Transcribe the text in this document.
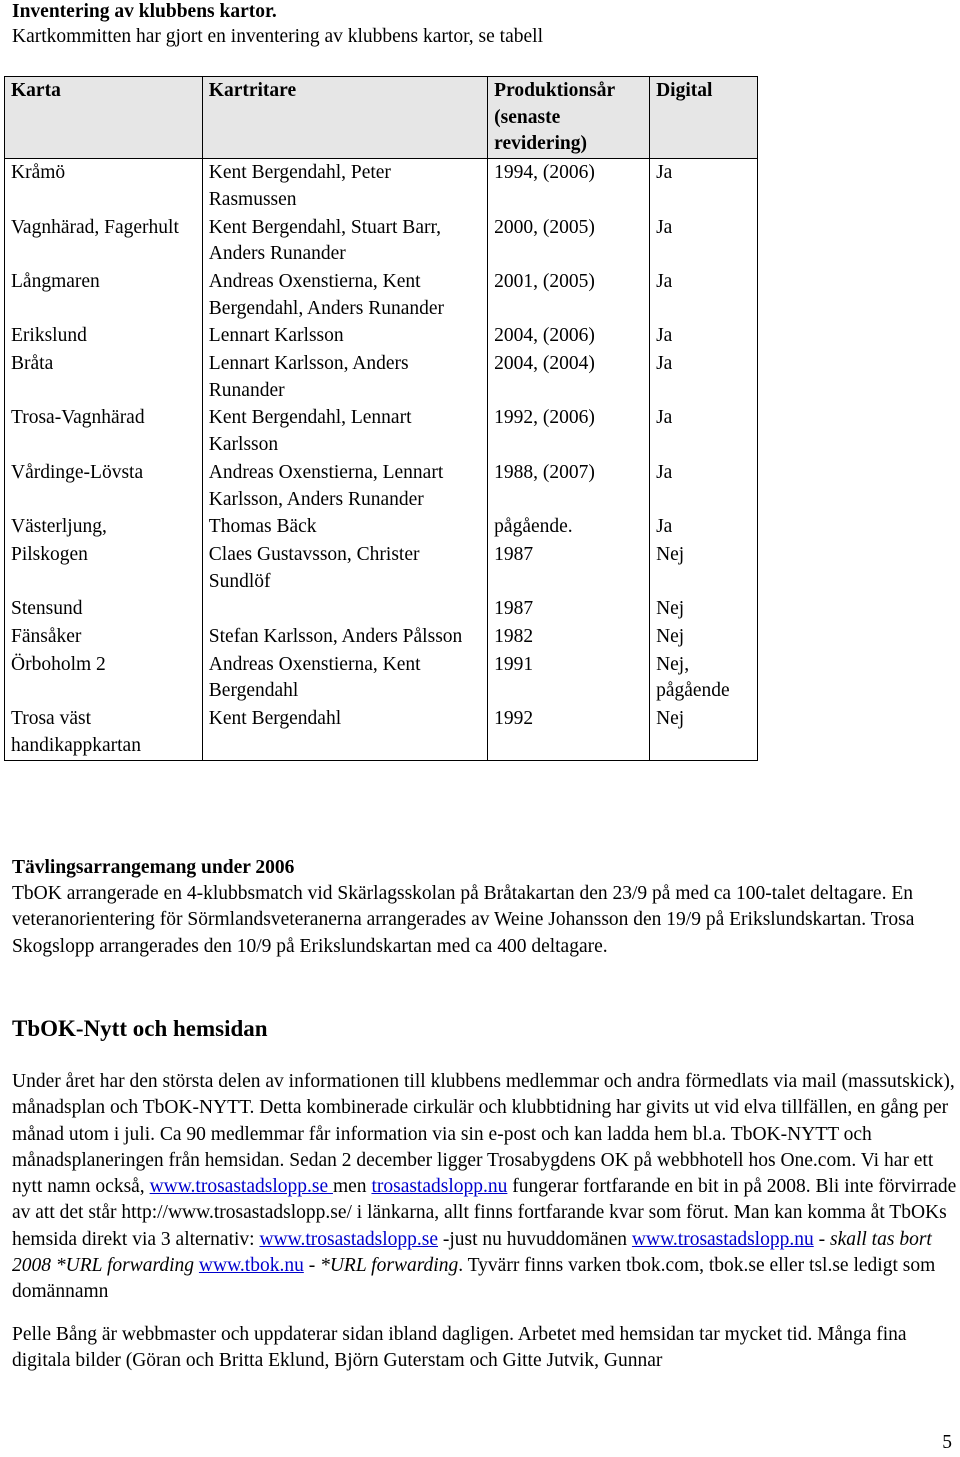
Inventering av klubbens kartor.

Kartkommitten har gjort en inventering av klubbens kartor, se tabell

Karta	Kartritare	Produktionsår (senaste revidering)	Digital
Kråmö	Kent Bergendahl, Peter Rasmussen	1994, (2006)	Ja
Vagnhärad, Fagerhult	Kent Bergendahl, Stuart Barr, Anders Runander	2000, (2005)	Ja
Långmaren	Andreas Oxenstierna, Kent Bergendahl, Anders Runander	2001, (2005)	Ja
Erikslund	Lennart Karlsson	2004, (2006)	Ja
Bråta	Lennart Karlsson, Anders Runander	2004, (2004)	Ja
Trosa-Vagnhärad	Kent Bergendahl, Lennart Karlsson	1992, (2006)	Ja
Vårdinge-Lövsta	Andreas Oxenstierna, Lennart Karlsson, Anders Runander	1988, (2007)	Ja
Västerljung,	Thomas Bäck	pågående.	Ja
Pilskogen	Claes Gustavsson, Christer Sundlöf	1987	Nej
Stensund		1987	Nej
Fänsåker	Stefan Karlsson, Anders Pålsson	1982	Nej
Örboholm 2	Andreas Oxenstierna, Kent Bergendahl	1991	Nej, pågående
Trosa väst handikappkartan	Kent Bergendahl	1992	Nej
Tävlingsarrangemang under 2006
TbOK arrangerade en 4-klubbsmatch vid Skärlagsskolan på Bråtakartan den 23/9 på med ca 100-talet deltagare. En veteranorientering för Sörmlandsveteranerna arrangerades av Weine Johansson den 19/9 på Erikslundskartan. Trosa Skogslopp arrangerades den 10/9 på Erikslundskartan med ca 400 deltagare.
TbOK-Nytt och hemsidan
Under året har den största delen av informationen till klubbens medlemmar och andra förmedlats via mail (massutskick), månadsplan och TbOK-NYTT. Detta kombinerade cirkulär och klubbtidning har givits ut vid elva tillfällen, en gång per månad utom i juli. Ca 90 medlemmar får information via sin e-post och kan ladda hem bl.a. TbOK-NYTT och månadsplaneringen från hemsidan. Sedan 2 december ligger Trosabygdens OK på webbhotell hos One.com. Vi har ett nytt namn också, www.trosastadslopp.se men trosastadslopp.nu fungerar fortfarande en bit in på 2008. Bli inte förvirrade av att det står http://www.trosastadslopp.se/ i länkarna, allt finns fortfarande kvar som förut. Man kan komma åt TbOKs hemsida direkt via 3 alternativ: www.trosastadslopp.se -just nu huvuddomänen www.trosastadslopp.nu - skall tas bort 2008 *URL forwarding www.tbok.nu - *URL forwarding. Tyvärr finns varken tbok.com, tbok.se eller tsl.se ledigt som domännamn
Pelle Bång är webbmaster och uppdaterar sidan ibland dagligen. Arbetet med hemsidan tar mycket tid. Många fina digitala bilder (Göran och Britta Eklund, Björn Guterstam och Gitte Jutvik, Gunnar
5
